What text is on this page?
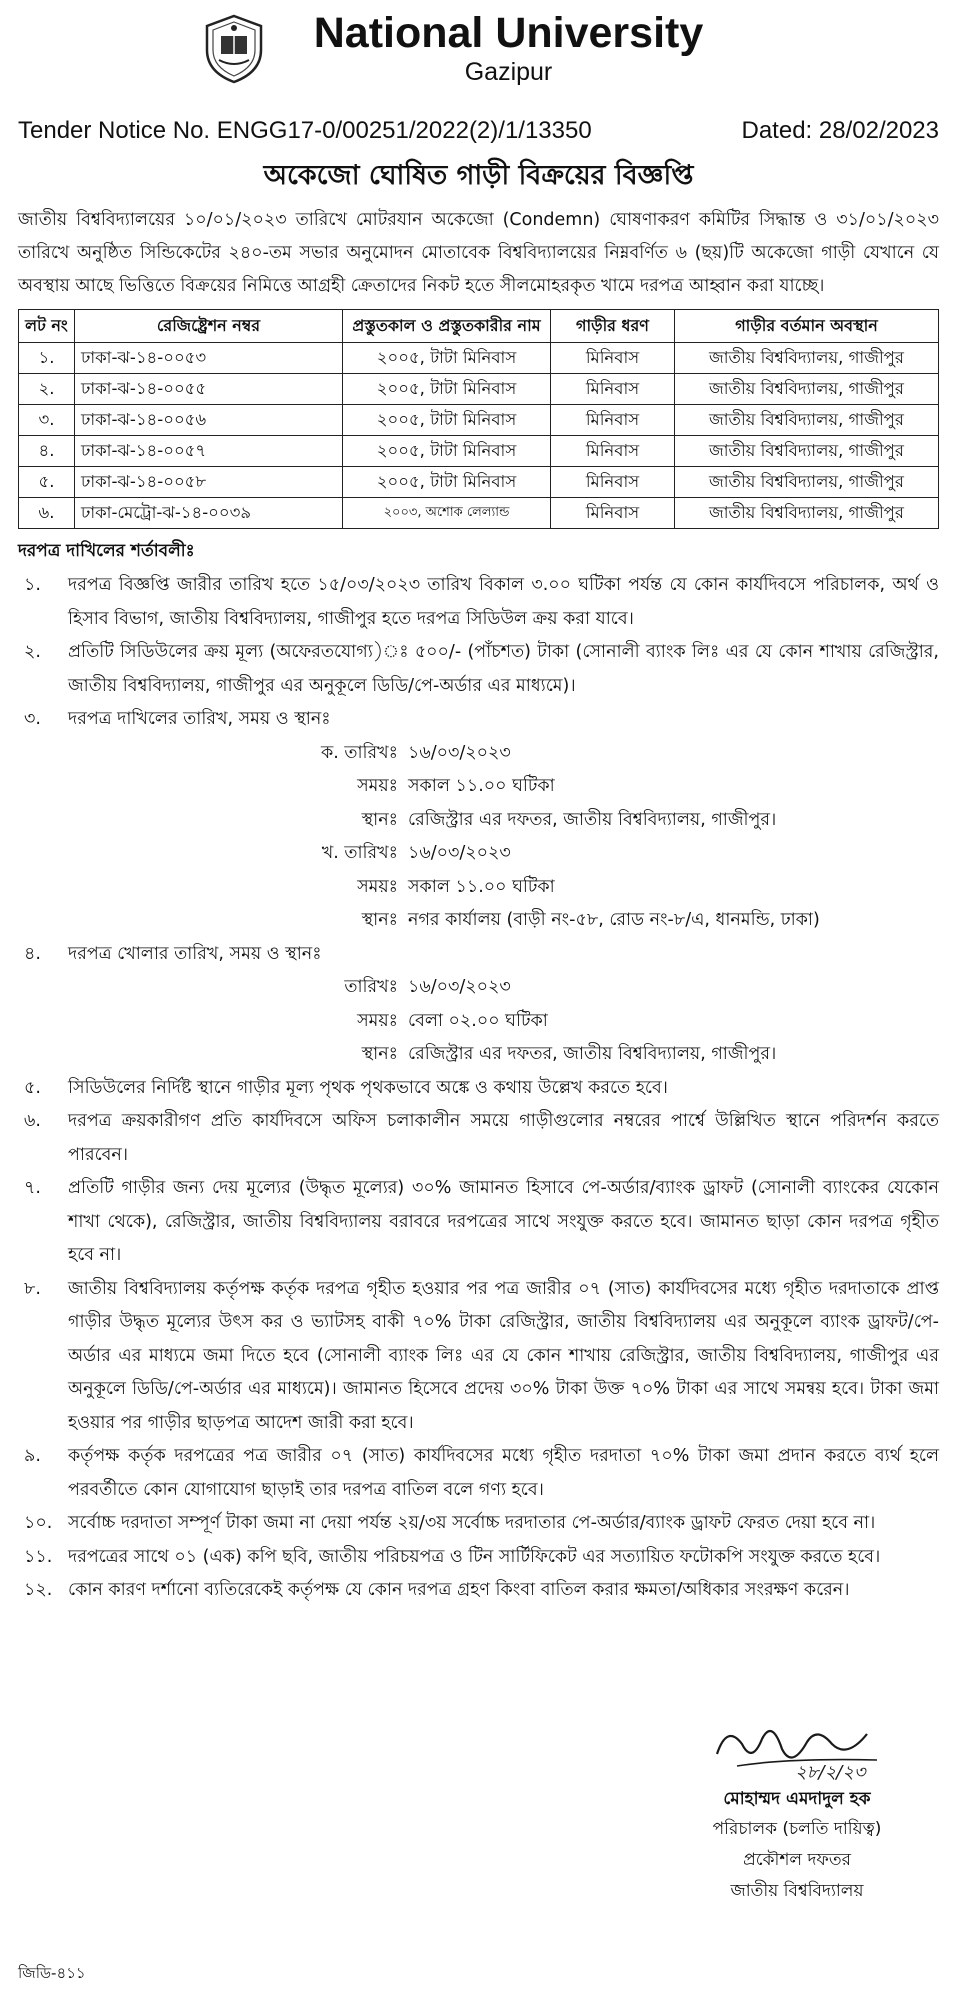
National University
Gazipur
Tender Notice No. ENGG17-0/00251/2022(2)/1/13350	Dated: 28/02/2023
অকেজো ঘোষিত গাড়ী বিক্রয়ের বিজ্ঞপ্তি

জাতীয় বিশ্ববিদ্যালয়ের ১০/০১/২০২৩ তারিখে মোটরযান অকেজো (Condemn) ঘোষণাকরণ কমিটির সিদ্ধান্ত ও ৩১/০১/২০২৩ তারিখে অনুষ্ঠিত সিন্ডিকেটের ২৪০-তম সভার অনুমোদন মোতাবেক বিশ্ববিদ্যালয়ের নিম্নবর্ণিত ৬ (ছয়)টি অকেজো গাড়ী যেখানে যে অবস্থায় আছে ভিত্তিতে বিক্রয়ের নিমিত্তে আগ্রহী ক্রেতাদের নিকট হতে সীলমোহরকৃত খামে দরপত্র আহ্বান করা যাচ্ছে।

লট নং	রেজিষ্ট্রেশন নম্বর	প্রস্তুতকাল ও প্রস্তুতকারীর নাম	গাড়ীর ধরণ	গাড়ীর বর্তমান অবস্থান
১.	ঢাকা-ঝ-১৪-০০৫৩	২০০৫, টাটা মিনিবাস	মিনিবাস	জাতীয় বিশ্ববিদ্যালয়, গাজীপুর
২.	ঢাকা-ঝ-১৪-০০৫৫	২০০৫, টাটা মিনিবাস	মিনিবাস	জাতীয় বিশ্ববিদ্যালয়, গাজীপুর
৩.	ঢাকা-ঝ-১৪-০০৫৬	২০০৫, টাটা মিনিবাস	মিনিবাস	জাতীয় বিশ্ববিদ্যালয়, গাজীপুর
৪.	ঢাকা-ঝ-১৪-০০৫৭	২০০৫, টাটা মিনিবাস	মিনিবাস	জাতীয় বিশ্ববিদ্যালয়, গাজীপুর
৫.	ঢাকা-ঝ-১৪-০০৫৮	২০০৫, টাটা মিনিবাস	মিনিবাস	জাতীয় বিশ্ববিদ্যালয়, গাজীপুর
৬.	ঢাকা-মেট্রো-ঝ-১৪-০০৩৯	২০০৩, অশোক লেল্যান্ড	মিনিবাস	জাতীয় বিশ্ববিদ্যালয়, গাজীপুর
দরপত্র দাখিলের শর্তাবলীঃ
১.	দরপত্র বিজ্ঞপ্তি জারীর তারিখ হতে ১৫/০৩/২০২৩ তারিখ বিকাল ৩.০০ ঘটিকা পর্যন্ত যে কোন কার্যদিবসে পরিচালক, অর্থ ও হিসাব বিভাগ, জাতীয় বিশ্ববিদ্যালয়, গাজীপুর হতে দরপত্র সিডিউল ক্রয় করা যাবে।
২.	প্রতিটি সিডিউলের ক্রয় মূল্য (অফেরতযোগ্য)ঃ ৫০০/- (পাঁচশত) টাকা (সোনালী ব্যাংক লিঃ এর যে কোন শাখায় রেজিস্ট্রার, জাতীয় বিশ্ববিদ্যালয়, গাজীপুর এর অনুকূলে ডিডি/পে-অর্ডার এর মাধ্যমে)।
৩.	দরপত্র দাখিলের তারিখ, সময় ও স্থানঃ
ক. তারিখঃ ১৬/০৩/২০২৩
সময়ঃ সকাল ১১.০০ ঘটিকা
স্থানঃ রেজিস্ট্রার এর দফতর, জাতীয় বিশ্ববিদ্যালয়, গাজীপুর।
খ. তারিখঃ ১৬/০৩/২০২৩
সময়ঃ সকাল ১১.০০ ঘটিকা
স্থানঃ নগর কার্যালয় (বাড়ী নং-৫৮, রোড নং-৮/এ, ধানমন্ডি, ঢাকা)
৪.	দরপত্র খোলার তারিখ, সময় ও স্থানঃ
তারিখঃ ১৬/০৩/২০২৩
সময়ঃ বেলা ০২.০০ ঘটিকা
স্থানঃ রেজিস্ট্রার এর দফতর, জাতীয় বিশ্ববিদ্যালয়, গাজীপুর।
৫.	সিডিউলের নির্দিষ্ট স্থানে গাড়ীর মূল্য পৃথক পৃথকভাবে অঙ্কে ও কথায় উল্লেখ করতে হবে।
৬.	দরপত্র ক্রয়কারীগণ প্রতি কার্যদিবসে অফিস চলাকালীন সময়ে গাড়ীগুলোর নম্বরের পার্শ্বে উল্লিখিত স্থানে পরিদর্শন করতে পারবেন।
৭.	প্রতিটি গাড়ীর জন্য দেয় মূল্যের (উদ্ধৃত মূল্যের) ৩০% জামানত হিসাবে পে-অর্ডার/ব্যাংক ড্রাফট (সোনালী ব্যাংকের যেকোন শাখা থেকে), রেজিস্ট্রার, জাতীয় বিশ্ববিদ্যালয় বরাবরে দরপত্রের সাথে সংযুক্ত করতে হবে। জামানত ছাড়া কোন দরপত্র গৃহীত হবে না।
৮.	জাতীয় বিশ্ববিদ্যালয় কর্তৃপক্ষ কর্তৃক দরপত্র গৃহীত হওয়ার পর পত্র জারীর ০৭ (সাত) কার্যদিবসের মধ্যে গৃহীত দরদাতাকে প্রাপ্ত গাড়ীর উদ্ধৃত মূল্যের উৎস কর ও ভ্যাটসহ বাকী ৭০% টাকা রেজিস্ট্রার, জাতীয় বিশ্ববিদ্যালয় এর অনুকূলে ব্যাংক ড্রাফট/পে-অর্ডার এর মাধ্যমে জমা দিতে হবে (সোনালী ব্যাংক লিঃ এর যে কোন শাখায় রেজিস্ট্রার, জাতীয় বিশ্ববিদ্যালয়, গাজীপুর এর অনুকূলে ডিডি/পে-অর্ডার এর মাধ্যমে)। জামানত হিসেবে প্রদেয় ৩০% টাকা উক্ত ৭০% টাকা এর সাথে সমন্বয় হবে। টাকা জমা হওয়ার পর গাড়ীর ছাড়পত্র আদেশ জারী করা হবে।
৯.	কর্তৃপক্ষ কর্তৃক দরপত্রের পত্র জারীর ০৭ (সাত) কার্যদিবসের মধ্যে গৃহীত দরদাতা ৭০% টাকা জমা প্রদান করতে ব্যর্থ হলে পরবর্তীতে কোন যোগাযোগ ছাড়াই তার দরপত্র বাতিল বলে গণ্য হবে।
১০. সর্বোচ্চ দরদাতা সম্পূর্ণ টাকা জমা না দেয়া পর্যন্ত ২য়/৩য় সর্বোচ্চ দরদাতার পে-অর্ডার/ব্যাংক ড্রাফট ফেরত দেয়া হবে না।
১১. দরপত্রের সাথে ০১ (এক) কপি ছবি, জাতীয় পরিচয়পত্র ও টিন সার্টিফিকেট এর সত্যায়িত ফটোকপি সংযুক্ত করতে হবে।
১২. কোন কারণ দর্শানো ব্যতিরেকেই কর্তৃপক্ষ যে কোন দরপত্র গ্রহণ কিংবা বাতিল করার ক্ষমতা/অধিকার সংরক্ষণ করেন।
২৮/২/২৩
মোহাম্মদ এমদাদুল হক
পরিচালক (চলতি দায়িত্ব)
প্রকৌশল দফতর
জাতীয় বিশ্ববিদ্যালয়
জিডি-৪১১
